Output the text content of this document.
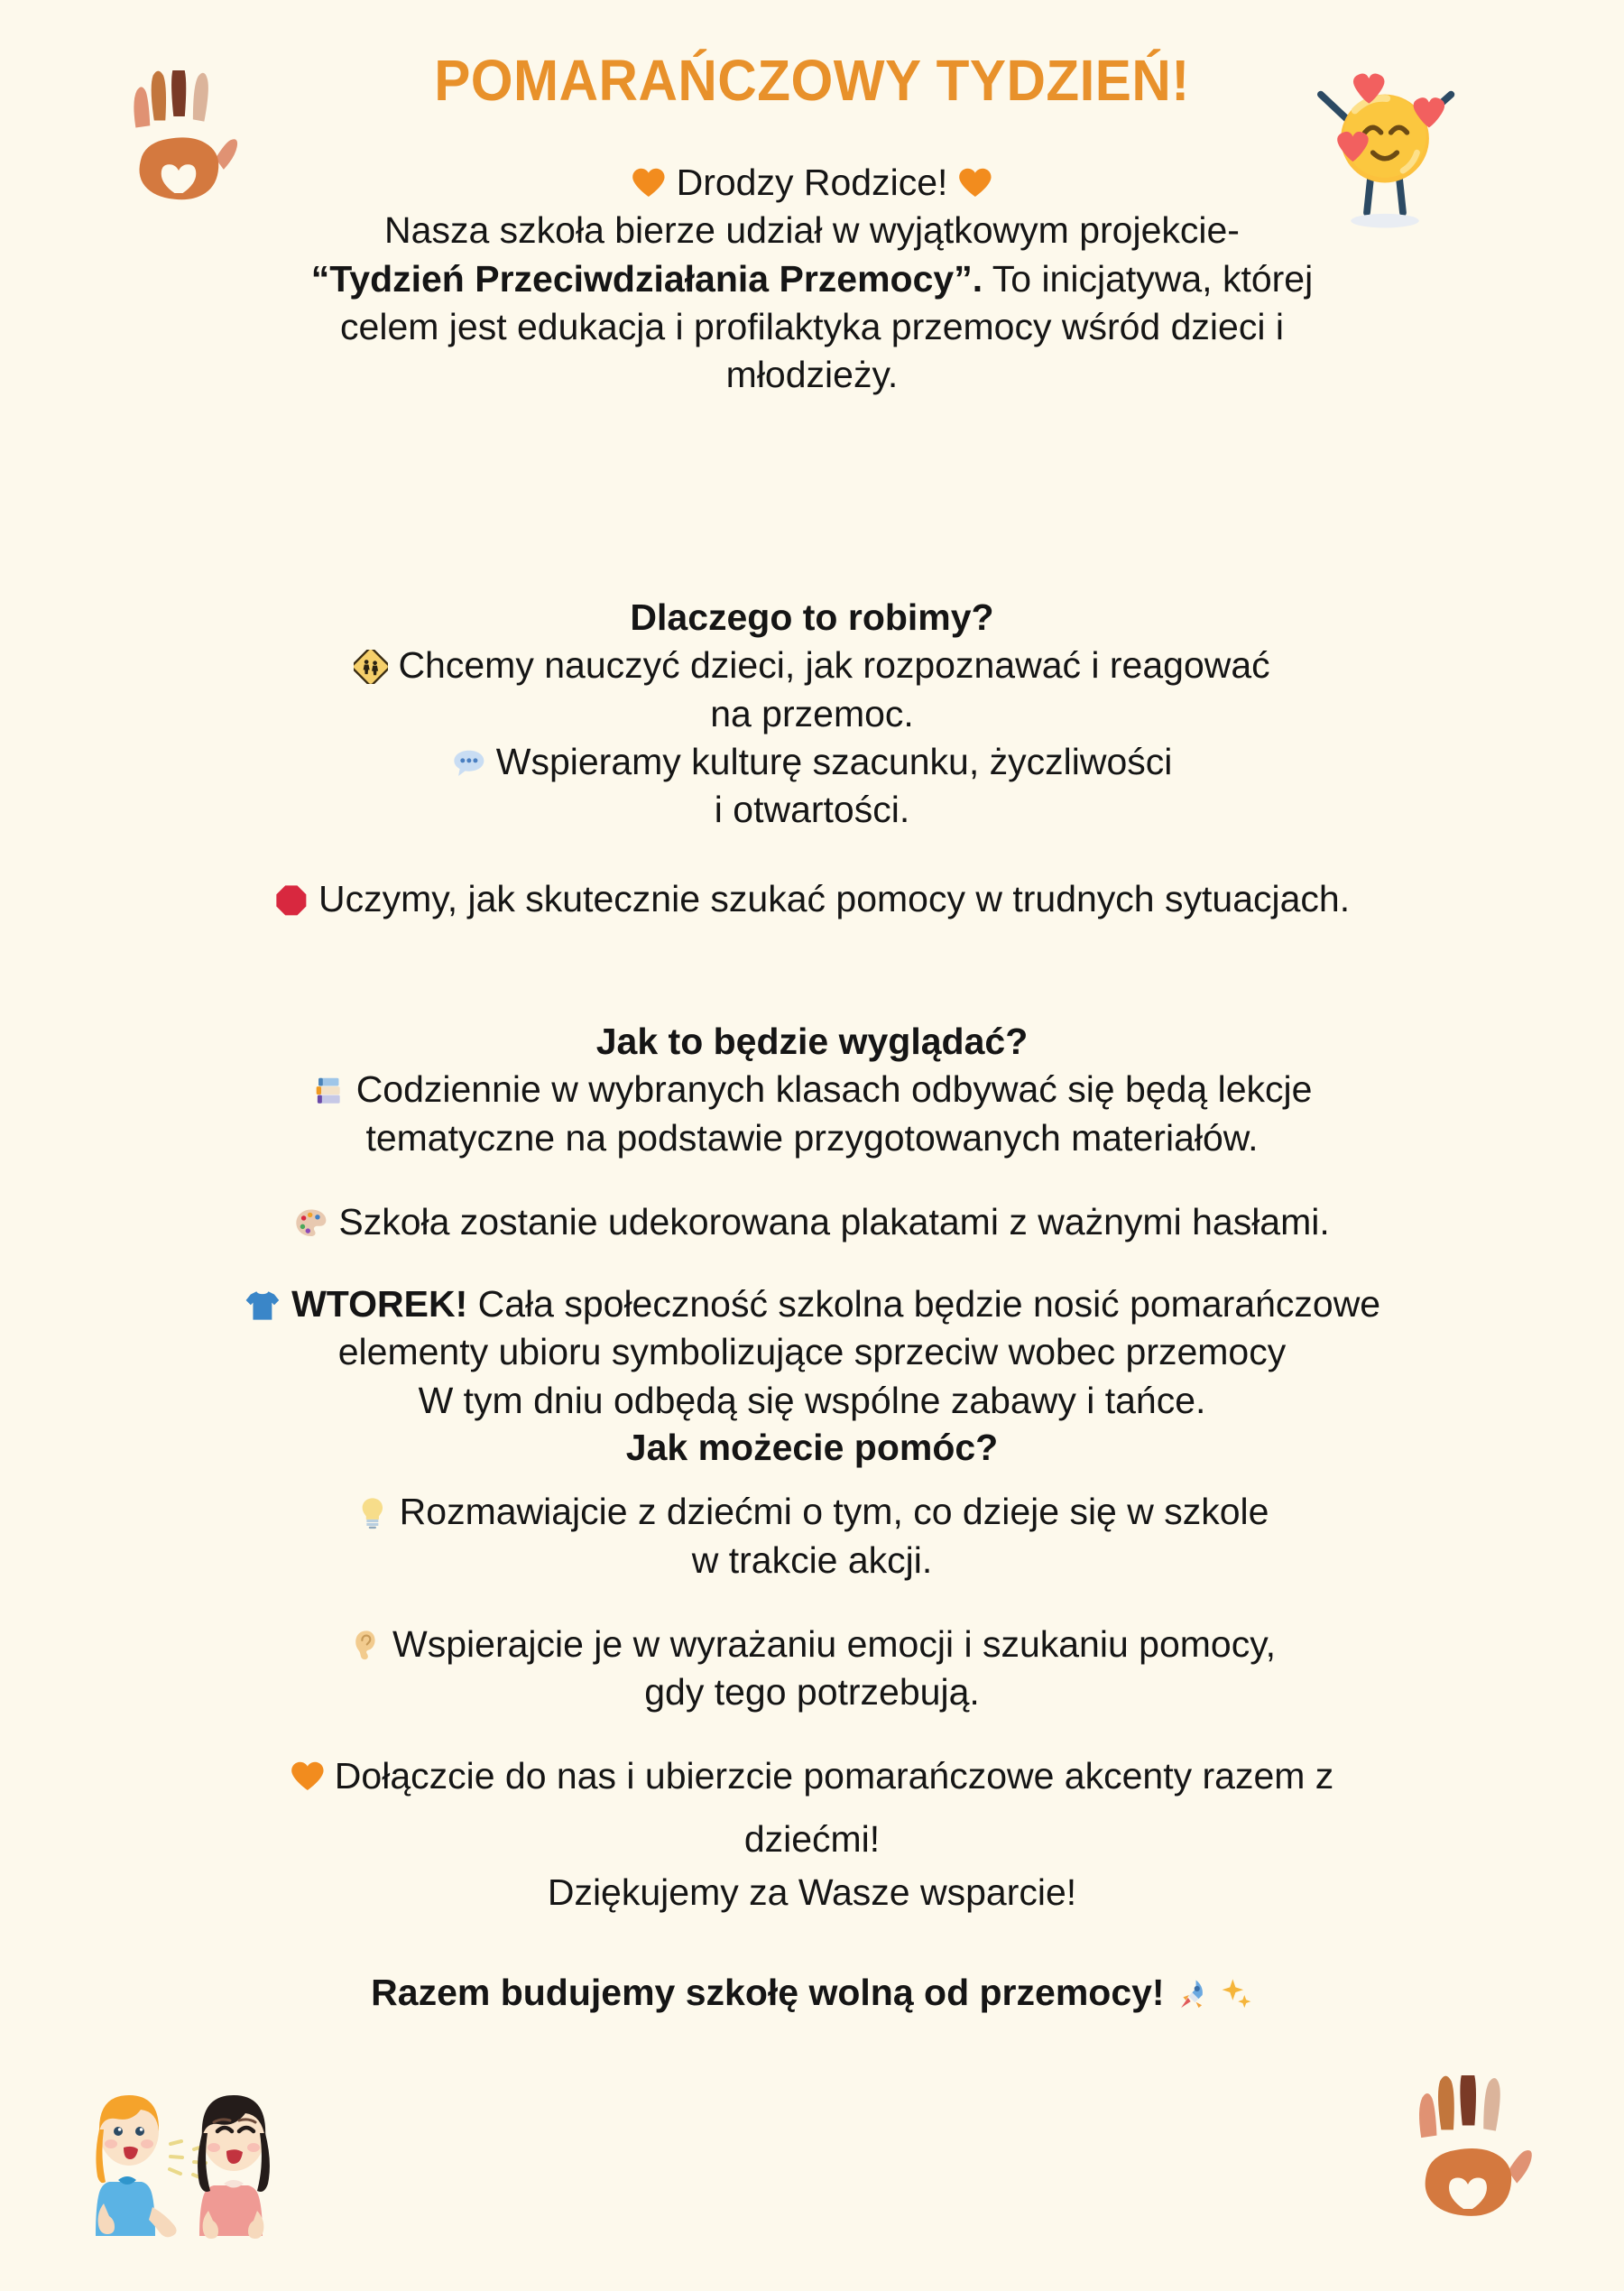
POMARAŃCZOWY TYDZIEŃ!
Drodzy Rodzice!
Nasza szkoła bierze udział w wyjątkowym projekcie-
“Tydzień Przeciwdziałania Przemocy”. To inicjatywa, której
celem jest edukacja i profilaktyka przemocy wśród dzieci i
młodzieży.
Dlaczego to robimy?
Chcemy nauczyć dzieci, jak rozpoznawać i reagować
na przemoc.
Wspieramy kulturę szacunku, życzliwości
i otwartości.
Uczymy, jak skutecznie szukać pomocy w trudnych sytuacjach.
Jak to będzie wyglądać?
Codziennie w wybranych klasach odbywać się będą lekcje
tematyczne na podstawie przygotowanych materiałów.
Szkoła zostanie udekorowana plakatami z ważnymi hasłami.
WTOREK! Cała społeczność szkolna będzie nosić pomarańczowe
elementy ubioru symbolizujące sprzeciw wobec przemocy
W tym dniu odbędą się wspólne zabawy i tańce.
Jak możecie pomóc?
Rozmawiajcie z dziećmi o tym, co dzieje się w szkole
w trakcie akcji.
Wspierajcie je w wyrażaniu emocji i szukaniu pomocy,
gdy tego potrzebują.
Dołączcie do nas i ubierzcie pomarańczowe akcenty razem z
dziećmi!
Dziękujemy za Wasze wsparcie!
Razem budujemy szkołę wolną od przemocy!
